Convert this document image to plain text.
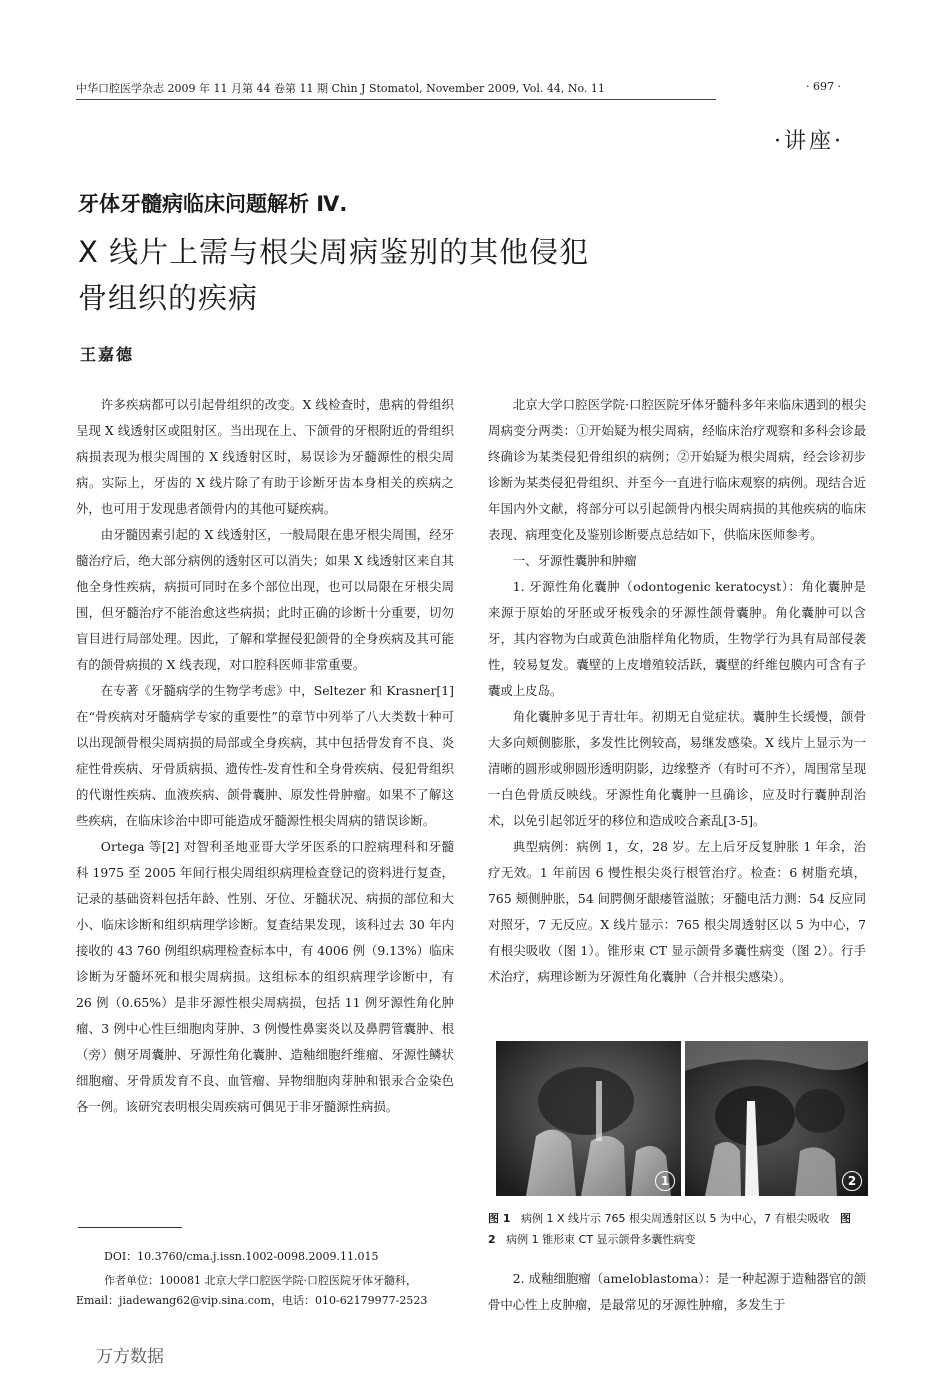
中华口腔医学杂志 2009 年 11 月第 44 卷第 11 期 Chin J Stomatol, November 2009, Vol. 44, No. 11	· 697 ·
·讲座·
牙体牙髓病临床问题解析 Ⅳ.
X 线片上需与根尖周病鉴别的其他侵犯
骨组织的疾病
王嘉德

许多疾病都可以引起骨组织的改变。X 线检查时，患病的骨组织呈现 X 线透射区或阻射区。当出现在上、下颌骨的牙根附近的骨组织病损表现为根尖周围的 X 线透射区时，易误诊为牙髓源性的根尖周病。实际上，牙齿的 X 线片除了有助于诊断牙齿本身相关的疾病之外，也可用于发现患者颌骨内的其他可疑疾病。

由牙髓因素引起的 X 线透射区，一般局限在患牙根尖周围，经牙髓治疗后，绝大部分病例的透射区可以消失；如果 X 线透射区来自其他全身性疾病，病损可同时在多个部位出现，也可以局限在牙根尖周围，但牙髓治疗不能治愈这些病损；此时正确的诊断十分重要，切勿盲目进行局部处理。因此，了解和掌握侵犯颌骨的全身疾病及其可能有的颌骨病损的 X 线表现，对口腔科医师非常重要。

在专著《牙髓病学的生物学考虑》中，Seltezer 和 Krasner[1] 在“骨疾病对牙髓病学专家的重要性”的章节中列举了八大类数十种可以出现颌骨根尖周病损的局部或全身疾病，其中包括骨发育不良、炎症性骨疾病、牙骨质病损、遗传性-发育性和全身骨疾病、侵犯骨组织的代谢性疾病、血液疾病、颌骨囊肿、原发性骨肿瘤。如果不了解这些疾病，在临床诊治中即可能造成牙髓源性根尖周病的错误诊断。

Ortega 等[2] 对智利圣地亚哥大学牙医系的口腔病理科和牙髓科 1975 至 2005 年间行根尖周组织病理检查登记的资料进行复查，记录的基础资料包括年龄、性别、牙位、牙髓状况、病损的部位和大小、临床诊断和组织病理学诊断。复查结果发现，该科过去 30 年内接收的 43 760 例组织病理检查标本中，有 4006 例（9.13%）临床诊断为牙髓坏死和根尖周病损。这组标本的组织病理学诊断中，有 26 例（0.65%）是非牙源性根尖周病损，包括 11 例牙源性角化肿瘤、3 例中心性巨细胞肉芽肿、3 例慢性鼻窦炎以及鼻腭管囊肿、根（旁）侧牙周囊肿、牙源性角化囊肿、造釉细胞纤维瘤、牙源性鳞状细胞瘤、牙骨质发育不良、血管瘤、异物细胞肉芽肿和银汞合金染色各一例。该研究表明根尖周疾病可偶见于非牙髓源性病损。

北京大学口腔医学院·口腔医院牙体牙髓科多年来临床遇到的根尖周病变分两类：①开始疑为根尖周病，经临床治疗观察和多科会诊最终确诊为某类侵犯骨组织的病例；②开始疑为根尖周病，经会诊初步诊断为某类侵犯骨组织、并至今一直进行临床观察的病例。现结合近年国内外文献，将部分可以引起颌骨内根尖周病损的其他疾病的临床表现、病理变化及鉴别诊断要点总结如下，供临床医师参考。

一、牙源性囊肿和肿瘤

1. 牙源性角化囊肿（odontogenic keratocyst）：角化囊肿是来源于原始的牙胚或牙板残余的牙源性颌骨囊肿。角化囊肿可以含牙，其内容物为白或黄色油脂样角化物质，生物学行为具有局部侵袭性，较易复发。囊壁的上皮增殖较活跃，囊壁的纤维包膜内可含有子囊或上皮岛。

角化囊肿多见于青壮年。初期无自觉症状。囊肿生长缓慢，颌骨大多向颊侧膨胀，多发性比例较高，易继发感染。X 线片上显示为一清晰的圆形或卵圆形透明阴影，边缘整齐（有时可不齐），周围常呈现一白色骨质反映线。牙源性角化囊肿一旦确诊，应及时行囊肿刮治术，以免引起邻近牙的移位和造成咬合紊乱[3-5]。

典型病例：病例 1，女，28 岁。左上后牙反复肿胀 1 年余，治疗无效。1 年前因 6 慢性根尖炎行根管治疗。检查：6 树脂充填，765 颊侧肿胀，54 间腭侧牙龈瘘管溢脓；牙髓电活力测：54 反应同对照牙，7 无反应。X 线片显示：765 根尖周透射区以 5 为中心，7 有根尖吸收（图 1）。锥形束 CT 显示颌骨多囊性病变（图 2）。行手术治疗，病理诊断为牙源性角化囊肿（合并根尖感染）。

1	2
图 1 病例 1 X 线片示 765 根尖周透射区以 5 为中心，7 有根尖吸收 图 2 病例 1 锥形束 CT 显示颌骨多囊性病变

2. 成釉细胞瘤（ameloblastoma）：是一种起源于造釉器官的颌骨中心性上皮肿瘤，是最常见的牙源性肿瘤，多发生于

DOI：10.3760/cma.j.issn.1002-0098.2009.11.015
作者单位：100081 北京大学口腔医学院·口腔医院牙体牙髓科，Email：jiadewang62@vip.sina.com，电话：010-62179977-2523
万方数据
